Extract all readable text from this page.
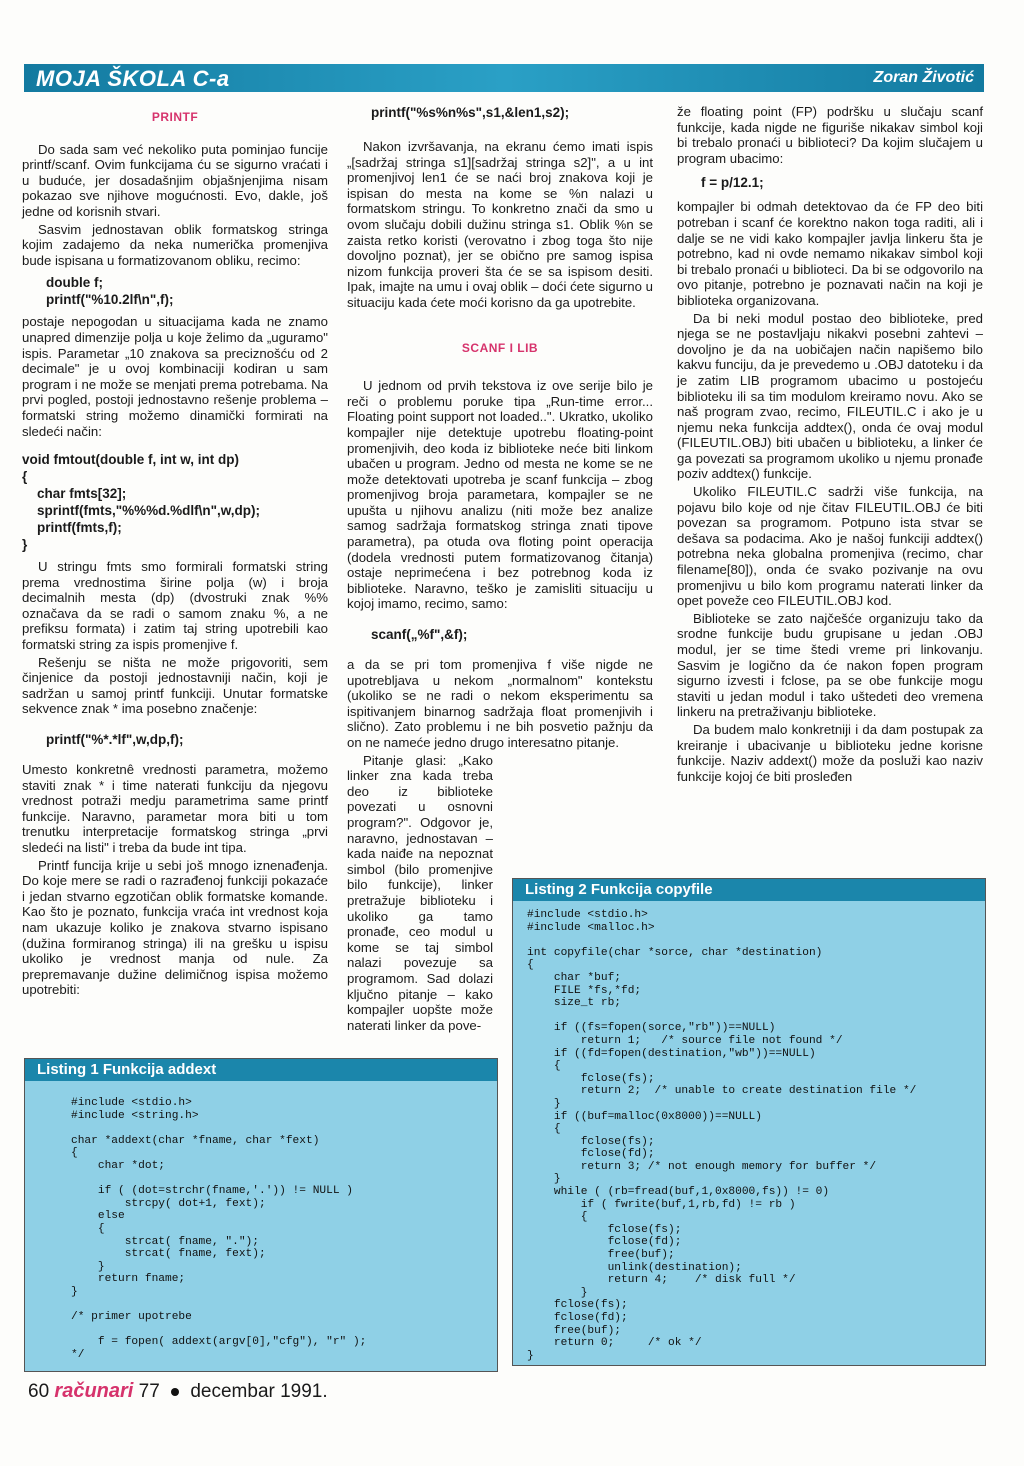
MOJA ŠKOLA C-a	Zoran Životić
PRINTF

Do sada sam već nekoliko puta pominjao funcije printf/scanf. Ovim funkcijama ću se sigurno vraćati i u buduće, jer dosadašnjim objašnjenjima nisam pokazao sve njihove mogućnosti. Evo, dakle, još jedne od korisnih stvari.

Sasvim jednostavan oblik formatskog stringa kojim zadajemo da neka numerička promenjiva bude ispisana u formatizovanom obliku, recimo:

double f;
printf("%10.2lf\n",f);

postaje nepogodan u situacijama kada ne znamo unapred dimenzije polja u koje želimo da „uguramo" ispis. Parametar „10 znakova sa preciznošću od 2 decimale" je u ovoj kombinaciji kodiran u sam program i ne može se menjati prema potrebama. Na prvi pogled, postoji jednostavno rešenje problema – formatski string možemo dinamički formirati na sledeći način:

void fmtout(double f, int w, int dp)
{
char fmts[32];
sprintf(fmts,"%%%d.%dlf\n",w,dp);
printf(fmts,f);
}

U stringu fmts smo formirali formatski string prema vrednostima širine polja (w) i broja decimalnih mesta (dp) (dvostruki znak %% označava da se radi o samom znaku %, a ne prefiksu formata) i zatim taj string upotrebili kao formatski string za ispis promenjive f.

Rešenju se ništa ne može prigovoriti, sem činjenice da postoji jednostavniji način, koji je sadržan u samoj printf funkciji. Unutar formatske sekvence znak * ima posebno značenje:

printf("%*.*lf",w,dp,f);

Umesto konkretnê vrednosti parametra, možemo staviti znak * i time naterati funkciju da njegovu vrednost potraži medju parametrima same printf funkcije. Naravno, parametar mora biti u tom trenutku interpretacije formatskog stringa „prvi sledeći na listi" i treba da bude int tipa.

Printf funcija krije u sebi još mnogo iznenađenja. Do koje mere se radi o razrađenoj funkciji pokazaće i jedan stvarno egzotičan oblik formatske komande. Kao što je poznato, funkcija vraća int vrednost koja nam ukazuje koliko je znakova stvarno ispisano (dužina formiranog stringa) ili na grešku u ispisu ukoliko je vrednost manja od nule. Za prepremavanje dužine delimičnog ispisa možemo upotrebiti:

printf("%s%n%s",s1,&len1,s2);

Nakon izvršavanja, na ekranu ćemo imati ispis „[sadržaj stringa s1][sadržaj stringa s2]", a u int promenjivoj len1 će se naći broj znakova koji je ispisan do mesta na kome se %n nalazi u formatskom stringu. To konkretno znači da smo u ovom slučaju dobili dužinu stringa s1. Oblik %n se zaista retko koristi (verovatno i zbog toga što nije dovoljno poznat), jer se obično pre samog ispisa nizom funkcija proveri šta će se sa ispisom desiti. Ipak, imajte na umu i ovaj oblik – doći ćete sigurno u situaciju kada ćete moći korisno da ga upotrebite.

SCANF I LIB

U jednom od prvih tekstova iz ove serije bilo je reči o problemu poruke tipa „Run-time error... Floating point support not loaded..". Ukratko, ukoliko kompajler nije detektuje upotrebu floating-point promenjivih, deo koda iz biblioteke neće biti linkom ubačen u program. Jedno od mesta ne kome se ne može detektovati upotreba je scanf funkcija – zbog promenjivog broja parametara, kompajler se ne upušta u njihovu analizu (niti može bez analize samog sadržaja formatskog stringa znati tipove parametra), pa otuda ova floting point operacija (dodela vrednosti putem formatizovanog čitanja) ostaje neprimećena i bez potrebnog koda iz biblioteke. Naravno, teško je zamisliti situaciju u kojoj imamo, recimo, samo:

scanf(„%f",&f);

a da se pri tom promenjiva f više nigde ne upotrebljava u nekom „normalnom" kontekstu (ukoliko se ne radi o nekom eksperimentu sa ispitivanjem binarnog sadržaja float promenjivih i slično). Zato problemu i ne bih posvetio pažnju da on ne nameće jedno drugo interesatno pitanje.

Pitanje glasi: „Kako linker zna kada treba deo iz biblioteke povezati u osnovni program?". Odgovor je, naravno, jednostavan – kada naiđe na nepoznat simbol (bilo promenjive bilo funkcije), linker pretražuje biblioteku i ukoliko ga tamo pronađe, ceo modul u kome se taj simbol nalazi povezuje sa programom. Sad dolazi ključno pitanje – kako kompajler uopšte može naterati linker da pove-

že floating point (FP) podršku u slučaju scanf funkcije, kada nigde ne figuriše nikakav simbol koji bi trebalo pronaći u biblioteci? Da kojim slučajem u program ubacimo:

f = p/12.1;

kompajler bi odmah detektovao da će FP deo biti potreban i scanf će korektno nakon toga raditi, ali i dalje se ne vidi kako kompajler javlja linkeru šta je potrebno, kad ni ovde nemamo nikakav simbol koji bi trebalo pronaći u biblioteci. Da bi se odgovorilo na ovo pitanje, potrebno je poznavati način na koji je biblioteka organizovana.

Da bi neki modul postao deo biblioteke, pred njega se ne postavljaju nikakvi posebni zahtevi – dovoljno je da na uobičajen način napišemo bilo kakvu funciju, da je prevedemo u .OBJ datoteku i da je zatim LIB programom ubacimo u postojeću biblioteku ili sa tim modulom kreiramo novu. Ako se naš program zvao, recimo, FILEUTIL.C i ako je u njemu neka funkcija addtex(), onda će ovaj modul (FILEUTIL.OBJ) biti ubačen u biblioteku, a linker će ga povezati sa programom ukoliko u njemu pronađe poziv addtex() funkcije.

Ukoliko FILEUTIL.C sadrži više funkcija, na pojavu bilo koje od nje čitav FILEUTIL.OBJ će biti povezan sa programom. Potpuno ista stvar se dešava sa podacima. Ako je našoj funkciji addtex() potrebna neka globalna promenjiva (recimo, char filename[80]), onda će svako pozivanje na ovu promenjivu u bilo kom programu naterati linker da opet poveže ceo FILEUTIL.OBJ kod.

Biblioteke se zato najčešće organizuju tako da srodne funkcije budu grupisane u jedan .OBJ modul, jer se time štedi vreme pri linkovanju. Sasvim je logično da će nakon fopen program sigurno izvesti i fclose, pa se obe funkcije mogu staviti u jedan modul i tako uštedeti deo vremena linkeru na pretraživanju biblioteke.

Da budem malo konkretniji i da dam postupak za kreiranje i ubacivanje u biblioteku jedne korisne funkcije. Naziv addext() može da posluži kao naziv funkcije kojoj će biti prosleđen

Listing 1 Funkcija addext
#include <stdio.h>
#include <string.h>

char *addext(char *fname, char *fext)
{
char *dot;

if ( (dot=strchr(fname,'.')) != NULL )
strcpy( dot+1, fext);
else
{
strcat( fname, ".");
strcat( fname, fext);
}
return fname;
}

/* primer upotrebe

f = fopen( addext(argv[0],"cfg"), "r" );
*/
Listing 2 Funkcija copyfile
#include <stdio.h>
#include <malloc.h>

int copyfile(char *sorce, char *destination)
{
char *buf;
FILE *fs,*fd;
size_t rb;

if ((fs=fopen(sorce,"rb"))==NULL)
return 1;   /* source file not found */
if ((fd=fopen(destination,"wb"))==NULL)
{
fclose(fs);
return 2;  /* unable to create destination file */
}
if ((buf=malloc(0x8000))==NULL)
{
fclose(fs);
fclose(fd);
return 3; /* not enough memory for buffer */
}
while ( (rb=fread(buf,1,0x8000,fs)) != 0)
if ( fwrite(buf,1,rb,fd) != rb )
{
fclose(fs);
fclose(fd);
free(buf);
unlink(destination);
return 4;    /* disk full */
}
fclose(fs);
fclose(fd);
free(buf);
return 0;     /* ok */
}
60 računari 77 decembar 1991.
